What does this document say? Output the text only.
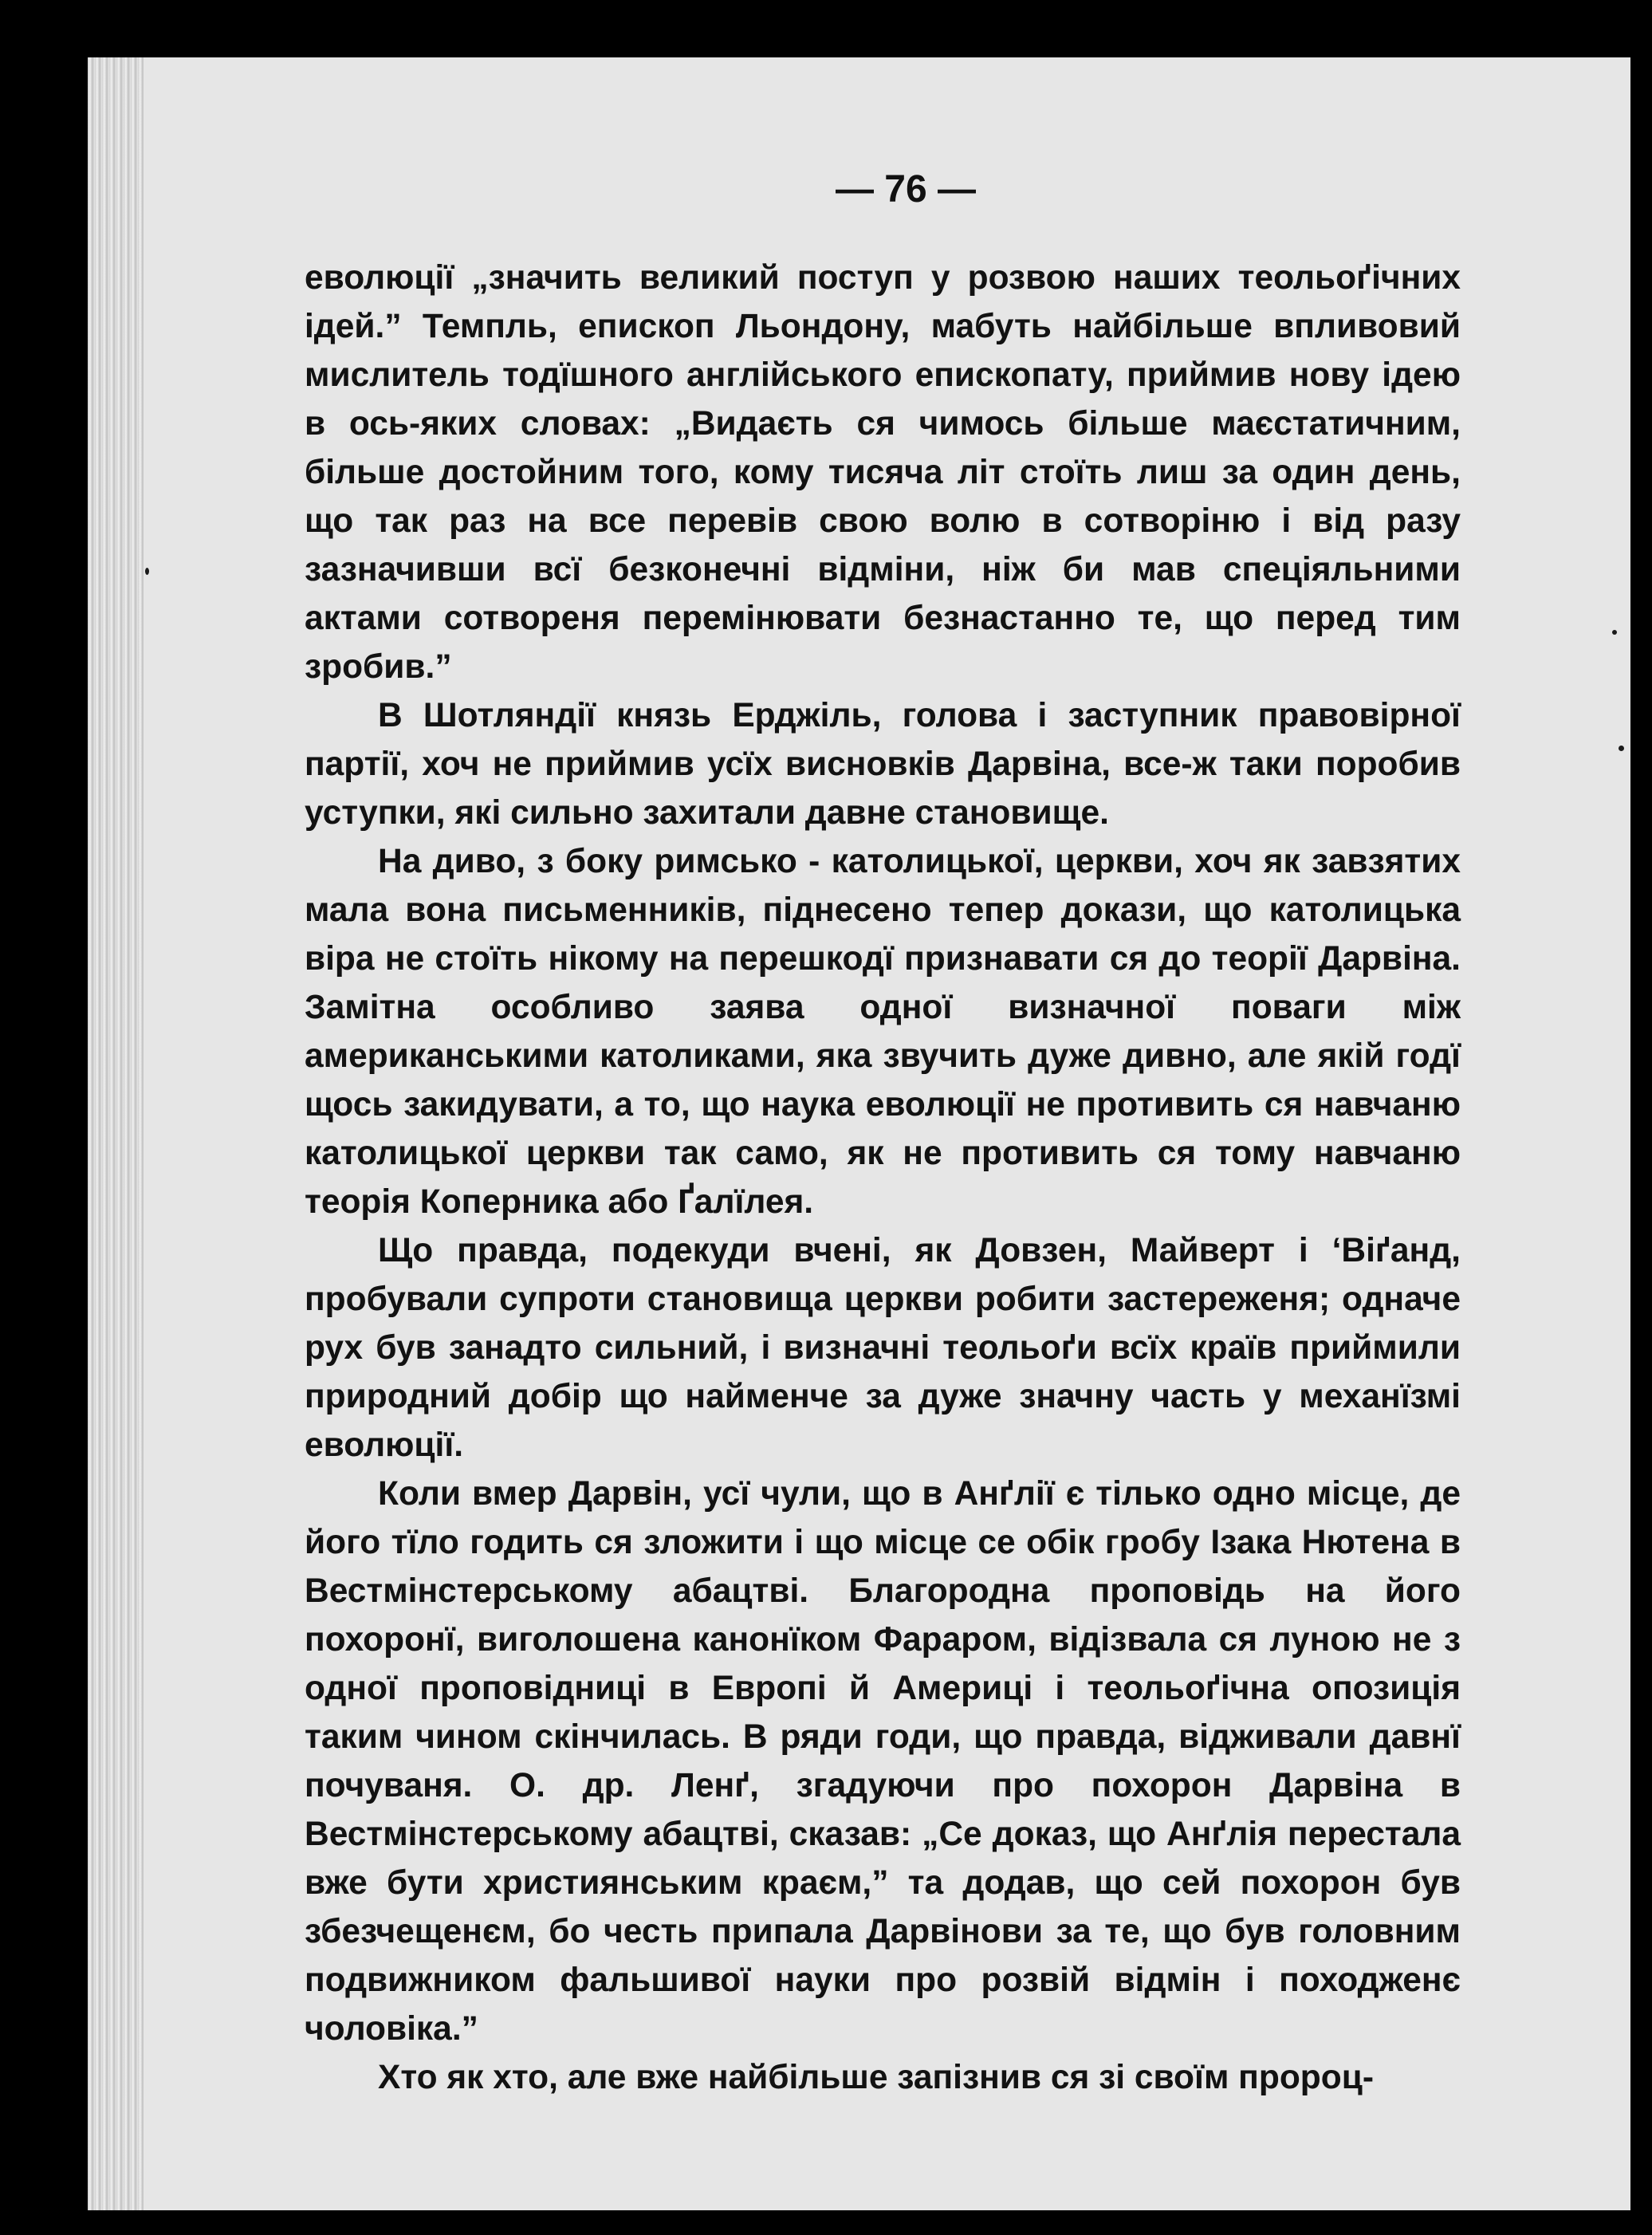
— 76 —

еволюції „значить великий поступ у розвою наших теольоґічних ідей.” Темпль, епископ Льондону, мабуть найбільше впливовий мислитель тодїшного англійського епископату, приймив нову ідею в ось-яких словах: „Видаєть ся чимось більше маєстатичним, більше достойним того, кому тисяча літ стоїть лиш за один день, що так раз на все перевів свою волю в сотворіню і від разу зазначивши всї безконечні відміни, ніж би мав спеціяльними актами сотвореня перемінювати безнастанно те, що перед тим зробив.”

В Шотляндії князь Ерджіль, голова і заступник правовірної партії, хоч не приймив усїх висновків Дарвіна, все-ж таки поробив уступки, які сильно захитали давне становище.

На диво, з боку римсько - католицької, церкви, хоч як завзятих мала вона письменників, піднесено тепер докази, що католицька віра не стоїть нікому на перешкодї признавати ся до теорії Дарвіна. Замітна особливо заява одної визначної поваги між американськими католиками, яка звучить дуже дивно, але якій годї щось закидувати, а то, що наука еволюції не противить ся навчаню католицької церкви так само, як не противить ся тому навчаню теорія Коперника або Ґалїлея.

Що правда, подекуди вчені, як Довзен, Майверт і ‘Віґанд, пробували супроти становища церкви робити застереженя; одначе рух був занадто сильний, і визначні теольоґи всїх країв приймили природний добір що найменче за дуже значну часть у механїзмі еволюції.

Коли вмер Дарвін, усї чули, що в Анґлії є тілько одно місце, де його тїло годить ся зложити і що місце се обік гробу Ізака Нютена в Вестмінстерському абацтві. Благородна проповідь на його похоронї, виголошена канонїком Фараром, відізвала ся луною не з одної проповідниці в Европі й Америці і теольоґічна опозиція таким чином скінчилась. В ряди годи, що правда, відживали давнї почуваня. О. др. Ленґ, згадуючи про похорон Дарвіна в Вестмінстерському абацтві, сказав: „Се доказ, що Анґлія перестала вже бути християнським краєм,” та додав, що сей похорон був збезчещенєм, бо честь припала Дарвінови за те, що був головним подвижником фальшивої науки про розвій відмін і походженє чоловіка.”

Хто як хто, але вже найбільше запізнив ся зі своїм пророц-
